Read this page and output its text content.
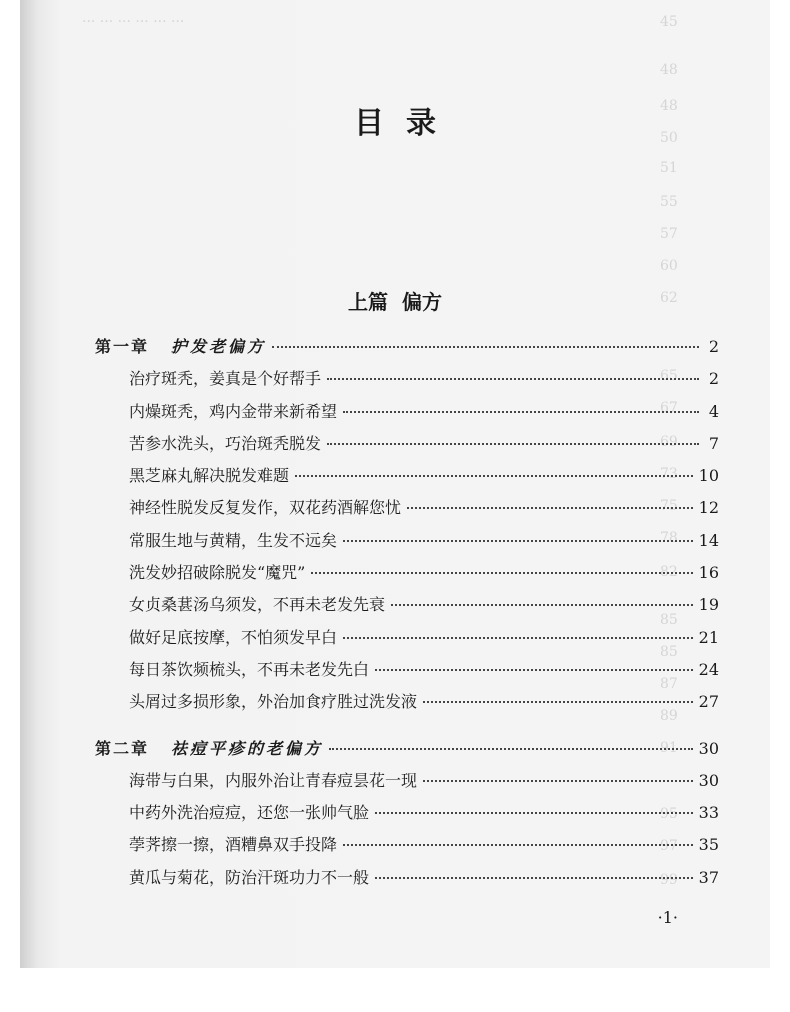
··· ··· ··· ··· ··· ···	45
48
48
50
51
55
57
60
62
65
67
69
73
75
78
82
85
85
87
89
91
95
97
99
目录
上篇 偏方
第一章 护发老偏方	2
治疗斑秃，姜真是个好帮手	2
内燥斑秃，鸡内金带来新希望	4
苦参水洗头，巧治斑秃脱发	7
黑芝麻丸解决脱发难题	10
神经性脱发反复发作，双花药酒解您忧	12
常服生地与黄精，生发不远矣	14
洗发妙招破除脱发“魔咒”	16
女贞桑葚汤乌须发，不再未老发先衰	19
做好足底按摩，不怕须发早白	21
每日茶饮频梳头，不再未老发先白	24
头屑过多损形象，外治加食疗胜过洗发液	27
第二章 祛痘平疹的老偏方	30
海带与白果，内服外治让青春痘昙花一现	30
中药外洗治痘痘，还您一张帅气脸	33
荸荠擦一擦，酒糟鼻双手投降	35
黄瓜与菊花，防治汗斑功力不一般	37
·1·
